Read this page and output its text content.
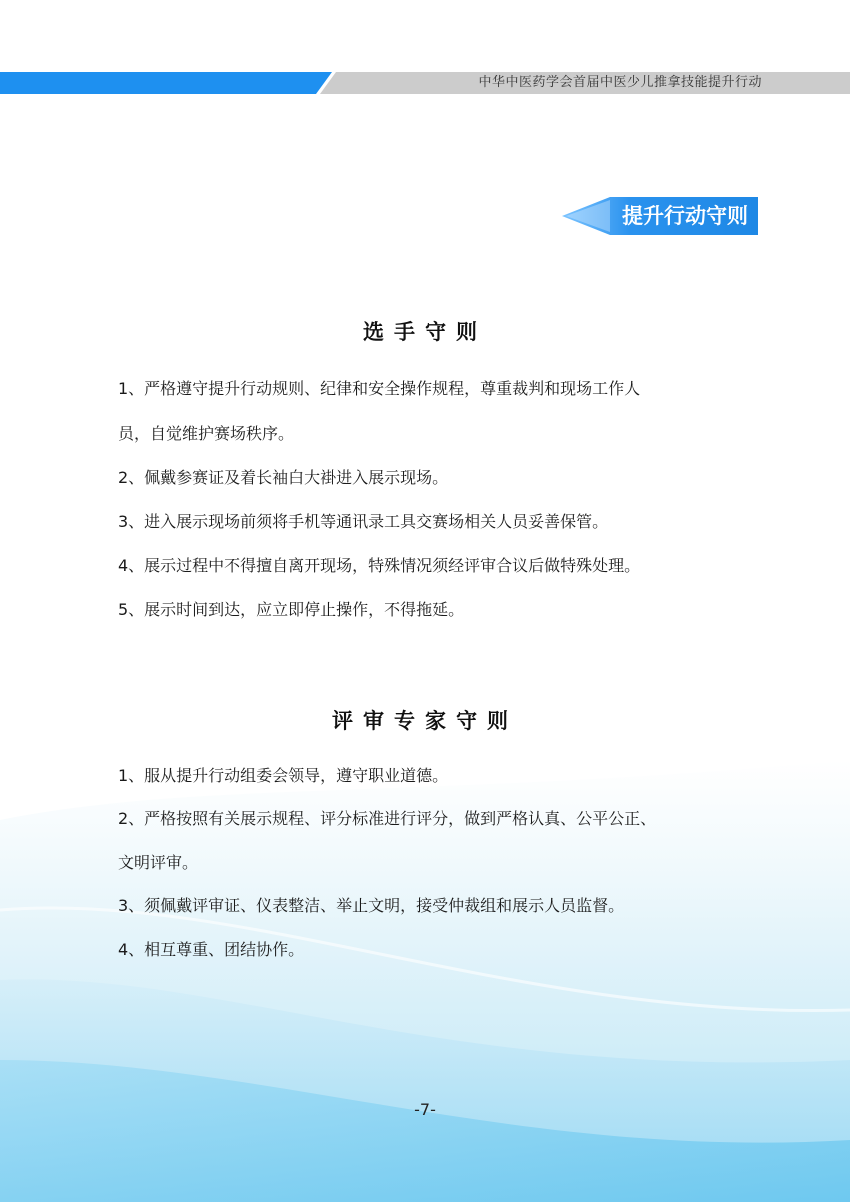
中华中医药学会首届中医少儿推拿技能提升行动
提升行动守则
选手守则
1、严格遵守提升行动规则、纪律和安全操作规程，尊重裁判和现场工作人
员，自觉维护赛场秩序。
2、佩戴参赛证及着长袖白大褂进入展示现场。
3、进入展示现场前须将手机等通讯录工具交赛场相关人员妥善保管。
4、展示过程中不得擅自离开现场，特殊情况须经评审合议后做特殊处理。
5、展示时间到达，应立即停止操作，不得拖延。
评审专家守则
1、服从提升行动组委会领导，遵守职业道德。
2、严格按照有关展示规程、评分标准进行评分，做到严格认真、公平公正、
文明评审。
3、须佩戴评审证、仪表整洁、举止文明，接受仲裁组和展示人员监督。
4、相互尊重、团结协作。
-7-
